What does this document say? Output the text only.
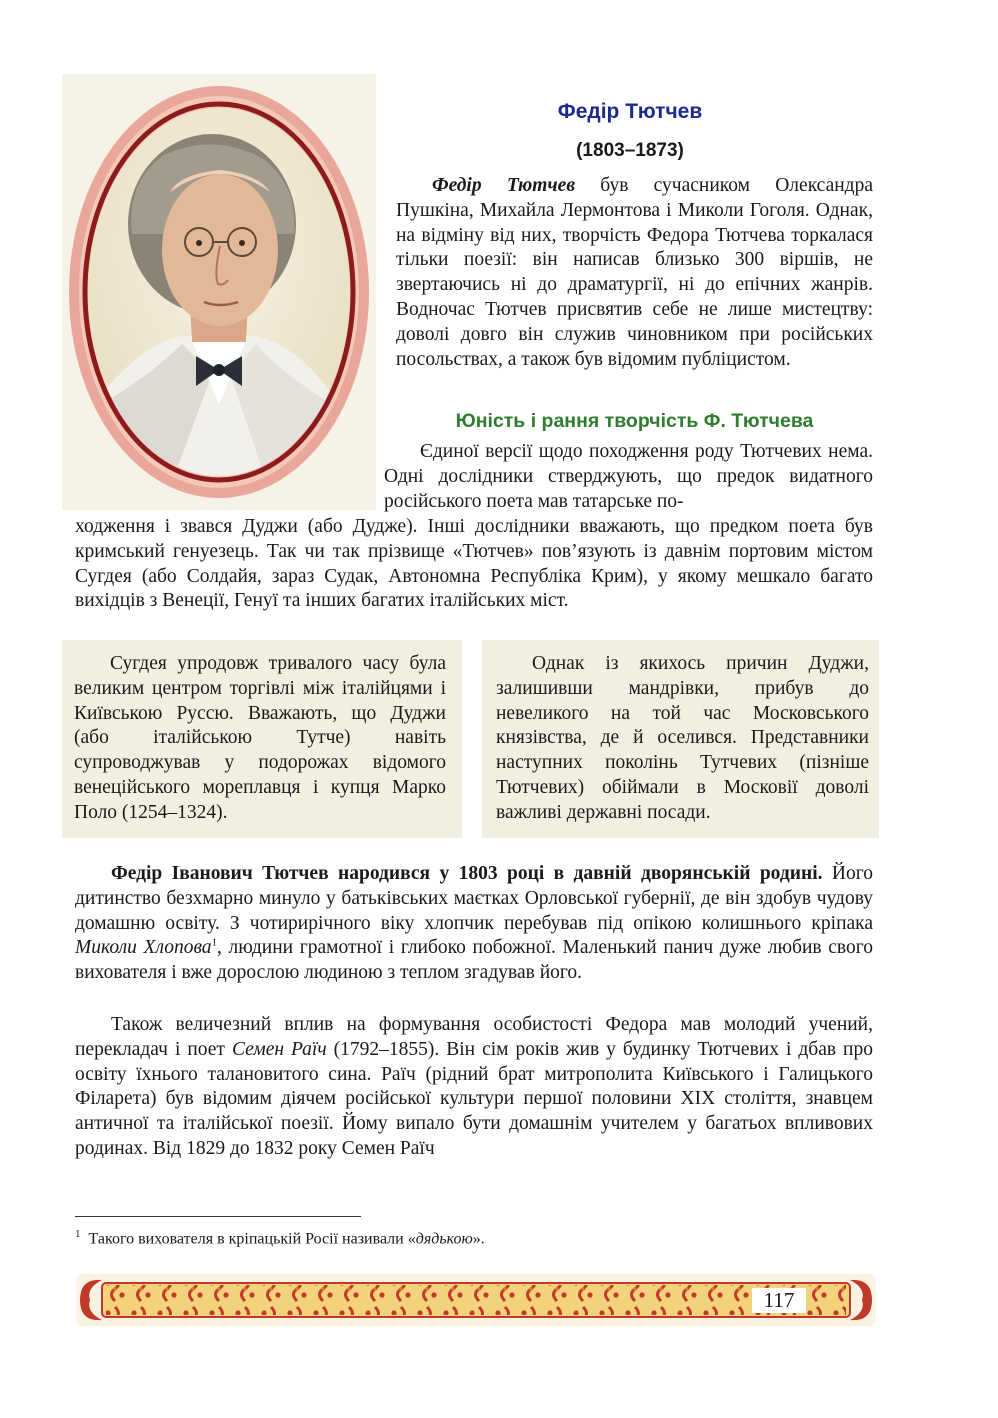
Федір Тютчев
(1803–1873)

Федір Тютчев був сучасником Олександра Пушкіна, Михайла Лермонтова і Миколи Гоголя. Однак, на відміну від них, творчість Федора Тютчева торкалася тільки поезії: він написав близько 300 віршів, не звертаючись ні до драматургії, ні до епічних жанрів. Водночас Тютчев присвятив себе не лише мистецтву: доволі довго він служив чиновником при російських посольствах, а також був відомим публіцистом.

Юність і рання творчість Ф. Тютчева

Єдиної версії щодо походження роду Тютчевих нема. Одні дослідники стверджують, що предок видатного російського поета мав татарське по-

ходження і звався Дуджи (або Дудже). Інші дослідники вважають, що предком поета був кримський генуезець. Так чи так прізвище «Тютчев» пов’язують із давнім портовим містом Сугдея (або Солдайя, зараз Судак, Автономна Республіка Крим), у якому мешкало багато вихідців з Венеції, Генуї та інших багатих італійських міст.

Сугдея упродовж тривалого часу була великим центром торгівлі між італійцями і Київською Руссю. Вважають, що Дуджи (або італійською Тутче) навіть супроводжував у подорожах відомого венеційського мореплавця і купця Марко Поло (1254–1324).

Однак із якихось причин Дуджи, залишивши мандрівки, прибув до невеликого на той час Московського князівства, де й оселився. Представники наступних поколінь Тутчевих (пізніше Тютчевих) обіймали в Московії доволі важливі державні посади.

Федір Іванович Тютчев народився у 1803 році в давній дворянській родині. Його дитинство безхмарно минуло у батьківських маєтках Орловської губернії, де він здобув чудову домашню освіту. З чотирирічного віку хлопчик перебував під опікою колишнього кріпака Миколи Хлопова$^1$, людини грамотної і глибоко побожної. Маленький панич дуже любив свого вихователя і вже дорослою людиною з теплом згадував його.

Також величезний вплив на формування особистості Федора мав молодий учений, перекладач і поет Семен Раїч (1792–1855). Він сім років жив у будинку Тютчевих і дбав про освіту їхнього талановитого сина. Раїч (рідний брат митрополита Київського і Галицького Філарета) був відомим діячем російської культури першої половини XIX століття, знавцем античної та італійської поезії. Йому випало бути домашнім учителем у багатьох впливових родинах. Від 1829 до 1832 року Семен Раїч

$^1$ Такого вихователя в кріпацькій Росії називали «дядькою».

117
